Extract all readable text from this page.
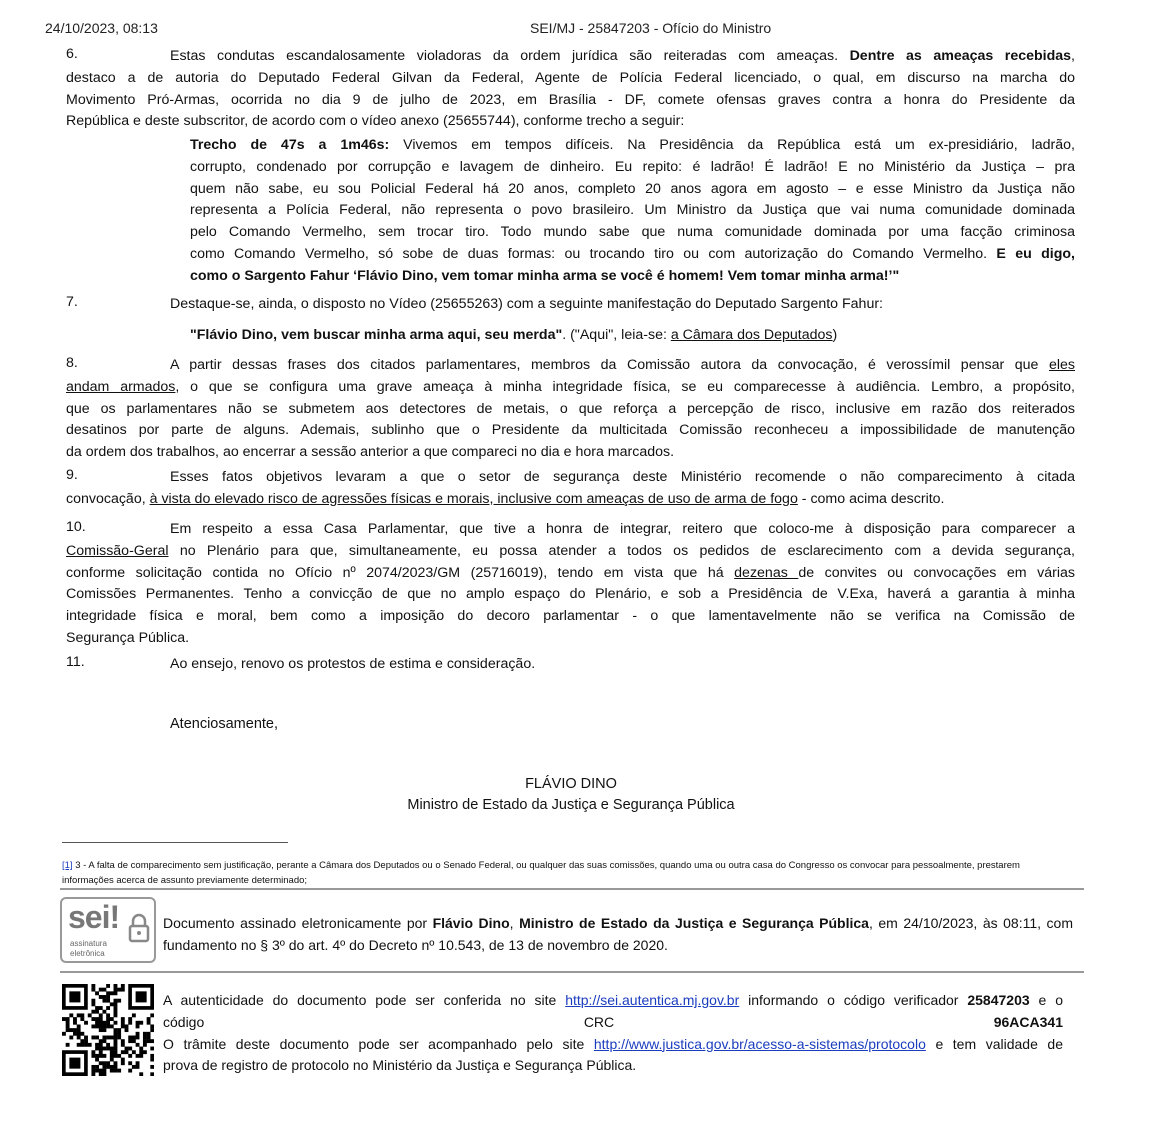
24/10/2023, 08:13	SEI/MJ - 25847203 - Ofício do Ministro
6.	Estas condutas escandalosamente violadoras da ordem jurídica são reiteradas com ameaças. Dentre as ameaças recebidas,
destaco a de autoria do Deputado Federal Gilvan da Federal, Agente de Polícia Federal licenciado, o qual, em discurso na marcha do
Movimento Pró-Armas, ocorrida no dia 9 de julho de 2023, em Brasília - DF, comete ofensas graves contra a honra do Presidente da
República e deste subscritor, de acordo com o vídeo anexo (25655744), conforme trecho a seguir:
Trecho de 47s a 1m46s: Vivemos em tempos difíceis. Na Presidência da República está um ex-presidiário, ladrão,
corrupto, condenado por corrupção e lavagem de dinheiro. Eu repito: é ladrão! É ladrão! E no Ministério da Justiça – pra
quem não sabe, eu sou Policial Federal há 20 anos, completo 20 anos agora em agosto – e esse Ministro da Justiça não
representa a Polícia Federal, não representa o povo brasileiro. Um Ministro da Justiça que vai numa comunidade dominada
pelo Comando Vermelho, sem trocar tiro. Todo mundo sabe que numa comunidade dominada por uma facção criminosa
como Comando Vermelho, só sobe de duas formas: ou trocando tiro ou com autorização do Comando Vermelho. E eu digo,
como o Sargento Fahur ‘Flávio Dino, vem tomar minha arma se você é homem! Vem tomar minha arma!’"
7.	Destaque-se, ainda, o disposto no Vídeo (25655263) com a seguinte manifestação do Deputado Sargento Fahur:
"Flávio Dino, vem buscar minha arma aqui, seu merda". ("Aqui", leia-se: a Câmara dos Deputados)
8.	A partir dessas frases dos citados parlamentares, membros da Comissão autora da convocação, é verossímil pensar que eles
andam armados, o que se configura uma grave ameaça à minha integridade física, se eu comparecesse à audiência. Lembro, a propósito,
que os parlamentares não se submetem aos detectores de metais, o que reforça a percepção de risco, inclusive em razão dos reiterados
desatinos por parte de alguns. Ademais, sublinho que o Presidente da multicitada Comissão reconheceu a impossibilidade de manutenção
da ordem dos trabalhos, ao encerrar a sessão anterior a que compareci no dia e hora marcados.
9.	Esses fatos objetivos levaram a que o setor de segurança deste Ministério recomende o não comparecimento à citada
convocação, à vista do elevado risco de agressões físicas e morais, inclusive com ameaças de uso de arma de fogo - como acima descrito.
10.	Em respeito a essa Casa Parlamentar, que tive a honra de integrar, reitero que coloco-me à disposição para comparecer a
Comissão-Geral no Plenário para que, simultaneamente, eu possa atender a todos os pedidos de esclarecimento com a devida segurança,
conforme solicitação contida no Ofício nº 2074/2023/GM (25716019), tendo em vista que há dezenas de convites ou convocações em várias
Comissões Permanentes. Tenho a convicção de que no amplo espaço do Plenário, e sob a Presidência de V.Exa, haverá a garantia à minha
integridade física e moral, bem como a imposição do decoro parlamentar - o que lamentavelmente não se verifica na Comissão de
Segurança Pública.
11.	Ao ensejo, renovo os protestos de estima e consideração.
Atenciosamente,
FLÁVIO DINO
Ministro de Estado da Justiça e Segurança Pública
[1] 3 - A falta de comparecimento sem justificação, perante a Câmara dos Deputados ou o Senado Federal, ou qualquer das suas comissões, quando uma ou outra casa do Congresso os convocar para pessoalmente, prestarem informações acerca de assunto previamente determinado;
sei!
assinatura
eletrônica
Documento assinado eletronicamente por Flávio Dino, Ministro de Estado da Justiça e Segurança Pública, em 24/10/2023, às 08:11, com
fundamento no § 3º do art. 4º do Decreto nº 10.543, de 13 de novembro de 2020.
A autenticidade do documento pode ser conferida no site http://sei.autentica.mj.gov.br informando o código verificador 25847203 e o
código CRC 96ACA341
O trâmite deste documento pode ser acompanhado pelo site http://www.justica.gov.br/acesso-a-sistemas/protocolo e tem validade de
prova de registro de protocolo no Ministério da Justiça e Segurança Pública.
